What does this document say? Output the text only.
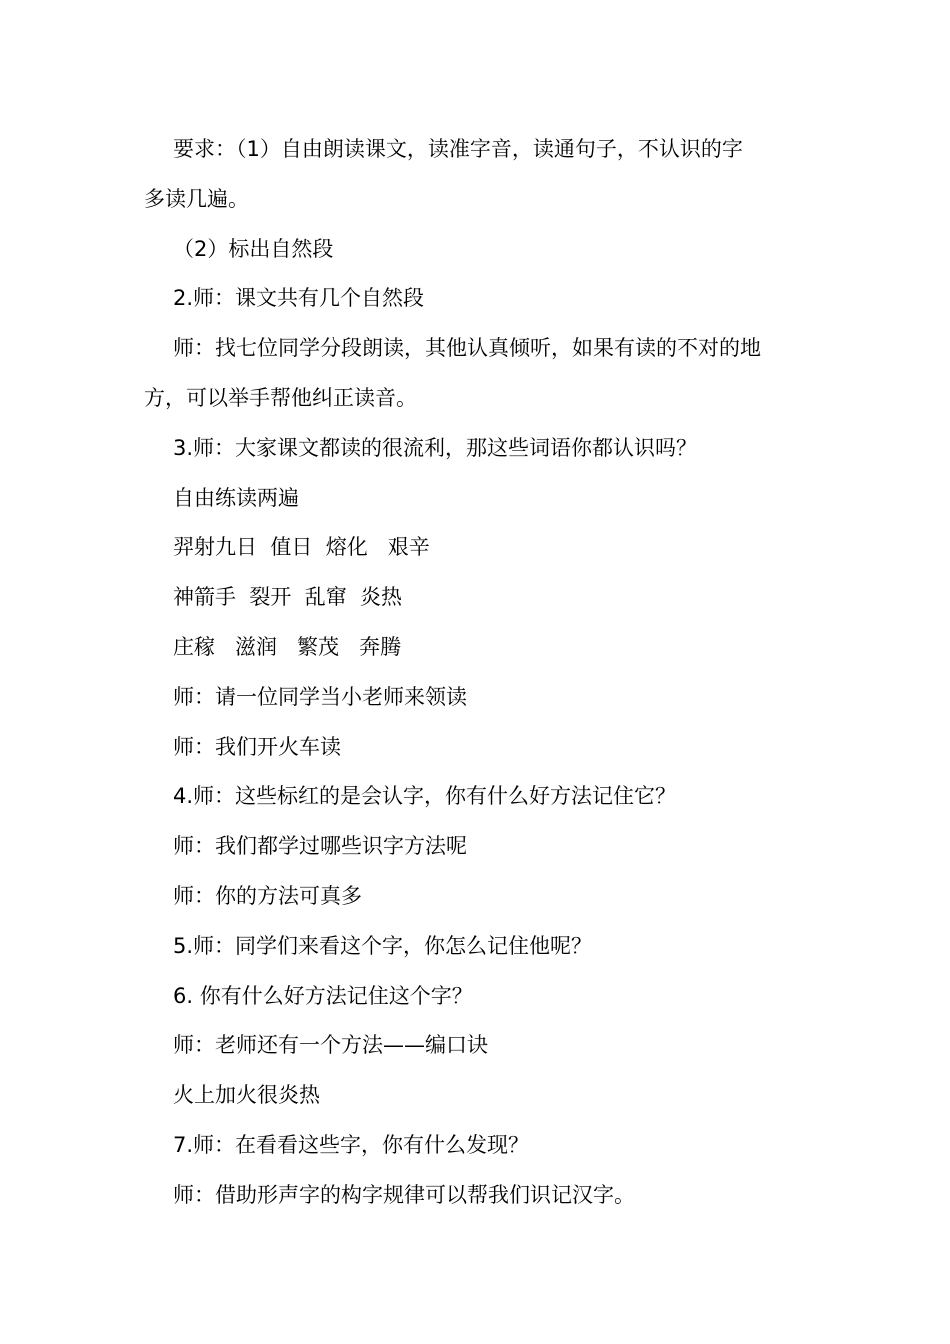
要求：（1）自由朗读课文，读准字音，读通句子，不认识的字
多读几遍。
（2）标出自然段
2.师：课文共有几个自然段
师：找七位同学分段朗读，其他认真倾听，如果有读的不对的地
方，可以举手帮他纠正读音。
3.师：大家课文都读的很流利，那这些词语你都认识吗？
自由练读两遍
羿射九日  值日  熔化   艰辛
神箭手  裂开  乱窜  炎热
庄稼   滋润   繁茂   奔腾
师：请一位同学当小老师来领读
师：我们开火车读
4.师：这些标红的是会认字，你有什么好方法记住它？
师：我们都学过哪些识字方法呢
师：你的方法可真多
5.师：同学们来看这个字，你怎么记住他呢？
6. 你有什么好方法记住这个字？
师：老师还有一个方法——编口诀
火上加火很炎热
7.师：在看看这些字，你有什么发现？
师：借助形声字的构字规律可以帮我们识记汉字。
